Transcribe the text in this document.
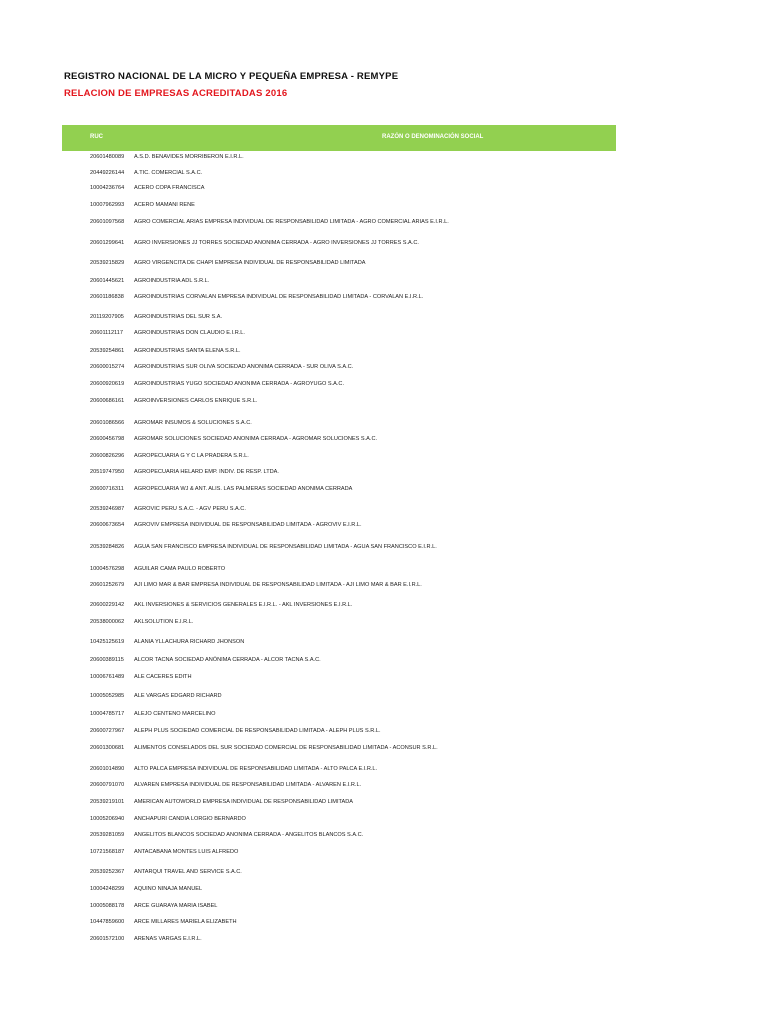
REGISTRO NACIONAL DE LA MICRO Y PEQUEÑA EMPRESA - REMYPE
RELACION DE EMPRESAS ACREDITADAS 2016
RUC	RAZÓN O DENOMINACIÓN SOCIAL
20601480089 A.S.D. BENAVIDES MORRIBERON E.I.R.L.
20449226144 A.TIC. COMERCIAL S.A.C.
10004236764 ACERO COPA FRANCISCA
10007962993 ACERO MAMANI RENE
20601097568 AGRO COMERCIAL ARIAS EMPRESA INDIVIDUAL DE RESPONSABILIDAD LIMITADA - AGRO COMERCIAL ARIAS E.I.R.L.
20601299641 AGRO INVERSIONES JJ TORRES SOCIEDAD ANONIMA CERRADA - AGRO INVERSIONES JJ TORRES S.A.C.
20539215829 AGRO VIRGENCITA DE CHAPI EMPRESA INDIVIDUAL DE RESPONSABILIDAD LIMITADA
20601445621 AGROINDUSTRIA ADL S.R.L.
20601186838 AGROINDUSTRIAS CORVALAN EMPRESA INDIVIDUAL DE RESPONSABILIDAD LIMITADA - CORVALAN E.I.R.L.
20119207905 AGROINDUSTRIAS DEL SUR S.A.
20601112117 AGROINDUSTRIAS DON CLAUDIO E.I.R.L.
20539254861 AGROINDUSTRIAS SANTA ELENA S.R.L.
20600015274 AGROINDUSTRIAS SUR OLIVA SOCIEDAD ANONIMA CERRADA - SUR OLIVA S.A.C.
20600920619 AGROINDUSTRIAS YUGO SOCIEDAD ANONIMA CERRADA - AGROYUGO S.A.C.
20600686161 AGROINVERSIONES CARLOS ENRIQUE S.R.L.
20601086566 AGROMAR INSUMOS & SOLUCIONES S.A.C.
20600456798 AGROMAR SOLUCIONES SOCIEDAD ANONIMA CERRADA - AGROMAR SOLUCIONES S.A.C.
20600826296 AGROPECUARIA G Y C LA PRADERA S.R.L.
20519747950 AGROPECUARIA HELARD EMP. INDIV. DE RESP. LTDA.
20600716311 AGROPECUARIA WJ & ANT. ALIS. LAS PALMERAS SOCIEDAD ANONIMA CERRADA
20539246987 AGROVIC PERU S.A.C. - AGV PERU S.A.C.
20600673654 AGROVIV EMPRESA INDIVIDUAL DE RESPONSABILIDAD LIMITADA - AGROVIV E.I.R.L.
20539284826 AGUA SAN FRANCISCO EMPRESA INDIVIDUAL DE RESPONSABILIDAD LIMITADA - AGUA SAN FRANCISCO E.I.R.L.
10004576298 AGUILAR CAMA PAULO ROBERTO
20601252679 AJI LIMO MAR & BAR EMPRESA INDIVIDUAL DE RESPONSABILIDAD LIMITADA - AJI LIMO MAR & BAR E.I.R.L.
20600229142 AKL INVERSIONES & SERVICIOS GENERALES E.I.R.L. - AKL INVERSIONES E.I.R.L.
20538000062 AKLSOLUTION E.I.R.L.
10425125619 ALANIA YLLACHURA RICHARD JHONSON
20600389115 ALCOR TACNA SOCIEDAD ANÓNIMA CERRADA - ALCOR TACNA S.A.C.
10006761489 ALE CACERES EDITH
10005052985 ALE VARGAS EDGARD RICHARD
10004785717 ALEJO CENTENO MARCELINO
20600727967 ALEPH PLUS SOCIEDAD COMERCIAL DE RESPONSABILIDAD LIMITADA - ALEPH PLUS S.R.L.
20601300681 ALIMENTOS CONSELADOS DEL SUR SOCIEDAD COMERCIAL DE RESPONSABILIDAD LIMITADA - ACONSUR S.R.L.
20601014890 ALTO PALCA EMPRESA INDIVIDUAL DE RESPONSABILIDAD LIMITADA - ALTO PALCA E.I.R.L.
20600791070 ALVAREN EMPRESA INDIVIDUAL DE RESPONSABILIDAD LIMITADA - ALVAREN E.I.R.L.
20539219101 AMERICAN AUTOWORLD EMPRESA INDIVIDUAL DE RESPONSABILIDAD LIMITADA
10005206940 ANCHAPURI CANDIA LORGIO BERNARDO
20539281059 ANGELITOS BLANCOS SOCIEDAD ANONIMA CERRADA - ANGELITOS BLANCOS S.A.C.
10721568187 ANTACABANA MONTES LUIS ALFREDO
20539252367 ANTARQUI TRAVEL AND SERVICE S.A.C.
10004248299 AQUINO NINAJA MANUEL
10005088178 ARCE GUARAYA MARIA ISABEL
10447859600 ARCE MILLARES MARIELA ELIZABETH
20601572100 ARENAS VARGAS E.I.R.L.
